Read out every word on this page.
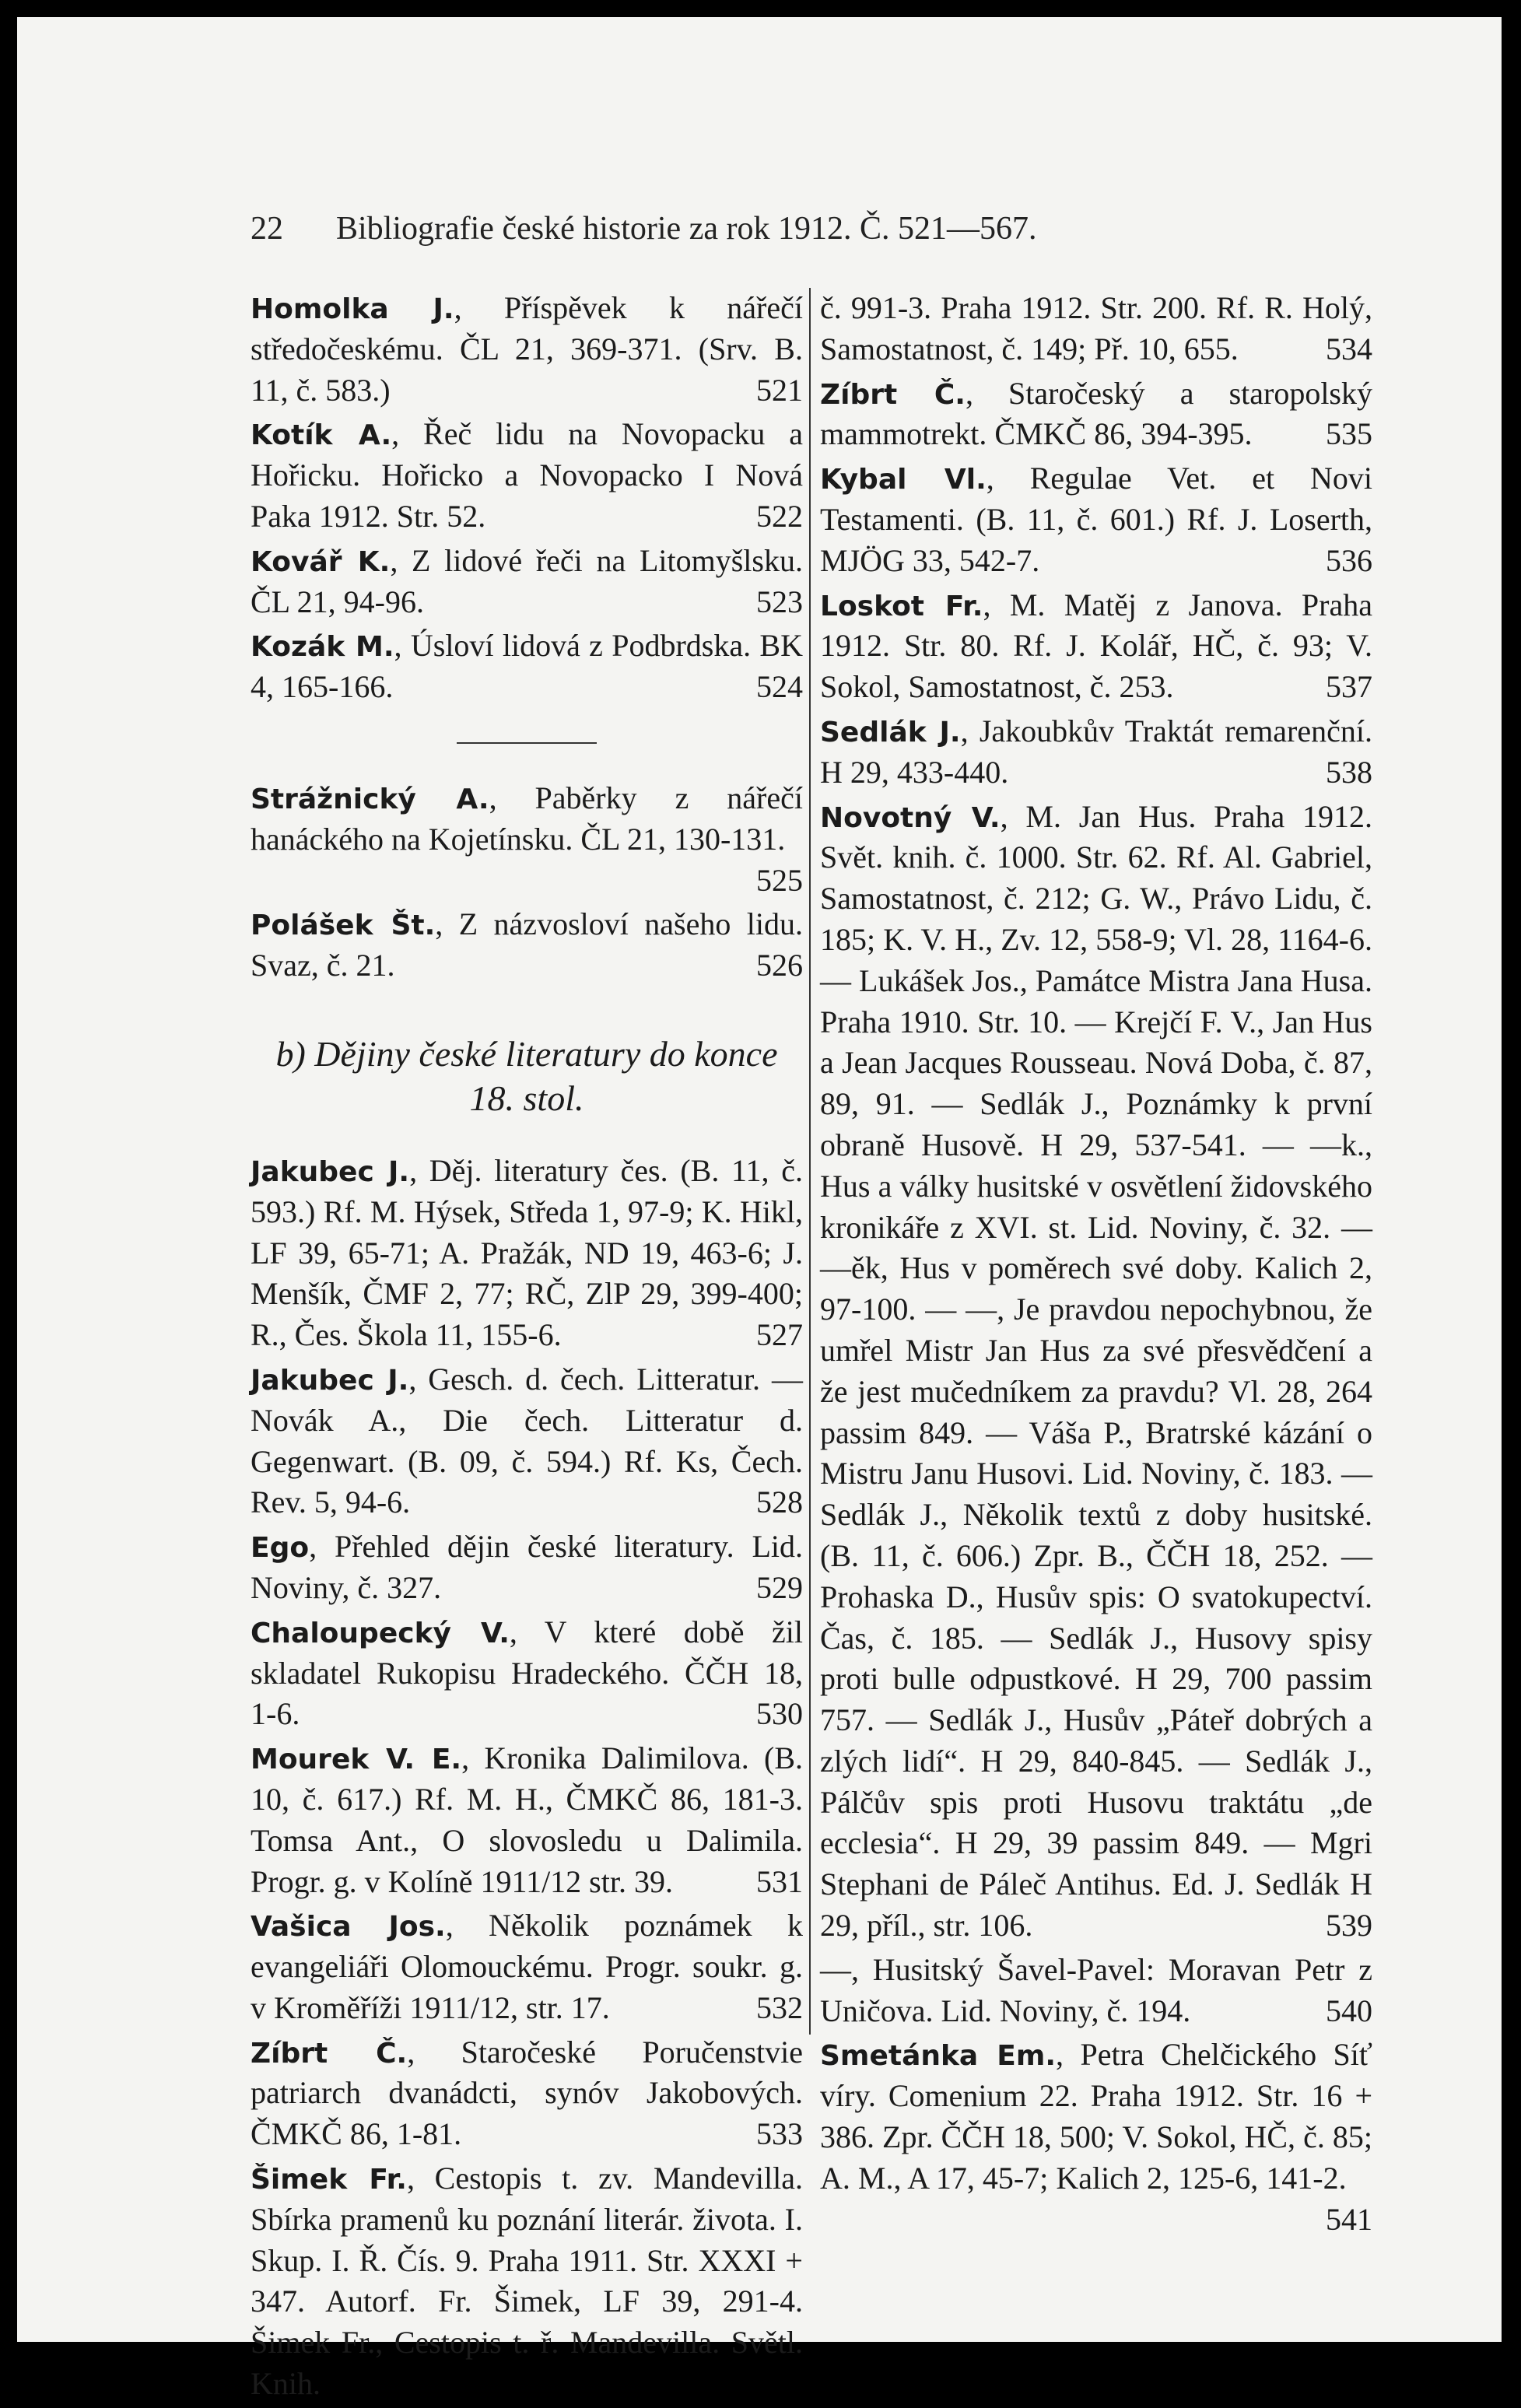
22	Bibliografie české historie za rok 1912. Č. 521—567.

Homolka J., Příspěvek k nářečí středočeskému. ČL 21, 369-371. (Srv. B. 11, č. 583.)	521

Kotík A., Řeč lidu na Novopacku a Hořicku. Hořicko a Novopacko I Nová Paka 1912. Str. 52.	522

Kovář K., Z lidové řeči na Litomyšlsku. ČL 21, 94-96.	523

Kozák M., Úsloví lidová z Podbrdska. BK 4, 165-166.	524

Strážnický A., Paběrky z nářečí hanáckého na Kojetínsku. ČL 21, 130-131.
525

Polášek Št., Z názvosloví našeho lidu. Svaz, č. 21.	526

b) Dějiny české literatury do konce 18. stol.

Jakubec J., Děj. literatury čes. (B. 11, č. 593.) Rf. M. Hýsek, Středa 1, 97-9; K. Hikl, LF 39, 65-71; A. Pražák, ND 19, 463-6; J. Menšík, ČMF 2, 77; RČ, ZlP 29, 399-400; R., Čes. Škola 11, 155-6.	527

Jakubec J., Gesch. d. čech. Litteratur. — Novák A., Die čech. Litteratur d. Gegenwart. (B. 09, č. 594.) Rf. Ks, Čech. Rev. 5, 94-6.	528

Ego, Přehled dějin české literatury. Lid. Noviny, č. 327.	529

Chaloupecký V., V které době žil skladatel Rukopisu Hradeckého. ČČH 18, 1-6.	530

Mourek V. E., Kronika Dalimilova. (B. 10, č. 617.) Rf. M. H., ČMKČ 86, 181-3. Tomsa Ant., O slovosledu u Dalimila. Progr. g. v Kolíně 1911/12 str. 39.	531

Vašica Jos., Několik poznámek k evangeliáři Olomouckému. Progr. soukr. g. v Kroměříži 1911/12, str. 17.	532

Zíbrt Č., Staročeské Poručenstvie patriarch dvanádcti, synóv Jakobových. ČMKČ 86, 1-81.	533

Šimek Fr., Cestopis t. zv. Mandevilla. Sbírka pramenů ku poznání literár. života. I. Skup. I. Ř. Čís. 9. Praha 1911. Str. XXXI + 347. Autorf. Fr. Šimek, LF 39, 291-4. Šimek Fr., Cestopis t. ř. Mandevilla. Světl. Knih.

č. 991-3. Praha 1912. Str. 200. Rf. R. Holý, Samostatnost, č. 149; Př. 10, 655.	534

Zíbrt Č., Staročeský a staropolský mammotrekt. ČMKČ 86, 394-395. 535

Kybal Vl., Regulae Vet. et Novi Testamenti. (B. 11, č. 601.) Rf. J. Loserth, MJÖG 33, 542-7.	536

Loskot Fr., M. Matěj z Janova. Praha 1912. Str. 80. Rf. J. Kolář, HČ, č. 93; V. Sokol, Samostatnost, č. 253.	537

Sedlák J., Jakoubkův Traktát remarenční. H 29, 433-440.	538

Novotný V., M. Jan Hus. Praha 1912. Svět. knih. č. 1000. Str. 62. Rf. Al. Gabriel, Samostatnost, č. 212; G. W., Právo Lidu, č. 185; K. V. H., Zv. 12, 558-9; Vl. 28, 1164-6. — Lukášek Jos., Památce Mistra Jana Husa. Praha 1910. Str. 10. — Krejčí F. V., Jan Hus a Jean Jacques Rousseau. Nová Doba, č. 87, 89, 91. — Sedlák J., Poznámky k první obraně Husově. H 29, 537-541. — —k., Hus a války husitské v osvětlení židovského kronikáře z XVI. st. Lid. Noviny, č. 32. — —ěk, Hus v poměrech své doby. Kalich 2, 97-100. — —, Je pravdou nepochybnou, že umřel Mistr Jan Hus za své přesvědčení a že jest mučedníkem za pravdu? Vl. 28, 264 passim 849. — Váša P., Bratrské kázání o Mistru Janu Husovi. Lid. Noviny, č. 183. — Sedlák J., Několik textů z doby husitské. (B. 11, č. 606.) Zpr. B., ČČH 18, 252. — Prohaska D., Husův spis: O svatokupectví. Čas, č. 185. — Sedlák J., Husovy spisy proti bulle odpustkové. H 29, 700 passim 757. — Sedlák J., Husův „Páteř dobrých a zlých lidí“. H 29, 840-845. — Sedlák J., Pálčův spis proti Husovu traktátu „de ecclesia“. H 29, 39 passim 849. — Mgri Stephani de Páleč Antihus. Ed. J. Sedlák H 29, příl., str. 106.	539

—, Husitský Šavel-Pavel: Moravan Petr z Uničova. Lid. Noviny, č. 194.	540

Smetánka Em., Petra Chelčického Síť víry. Comenium 22. Praha 1912. Str. 16 + 386. Zpr. ČČH 18, 500; V. Sokol, HČ, č. 85; A. M., A 17, 45-7; Kalich 2, 125-6, 141-2.
541
